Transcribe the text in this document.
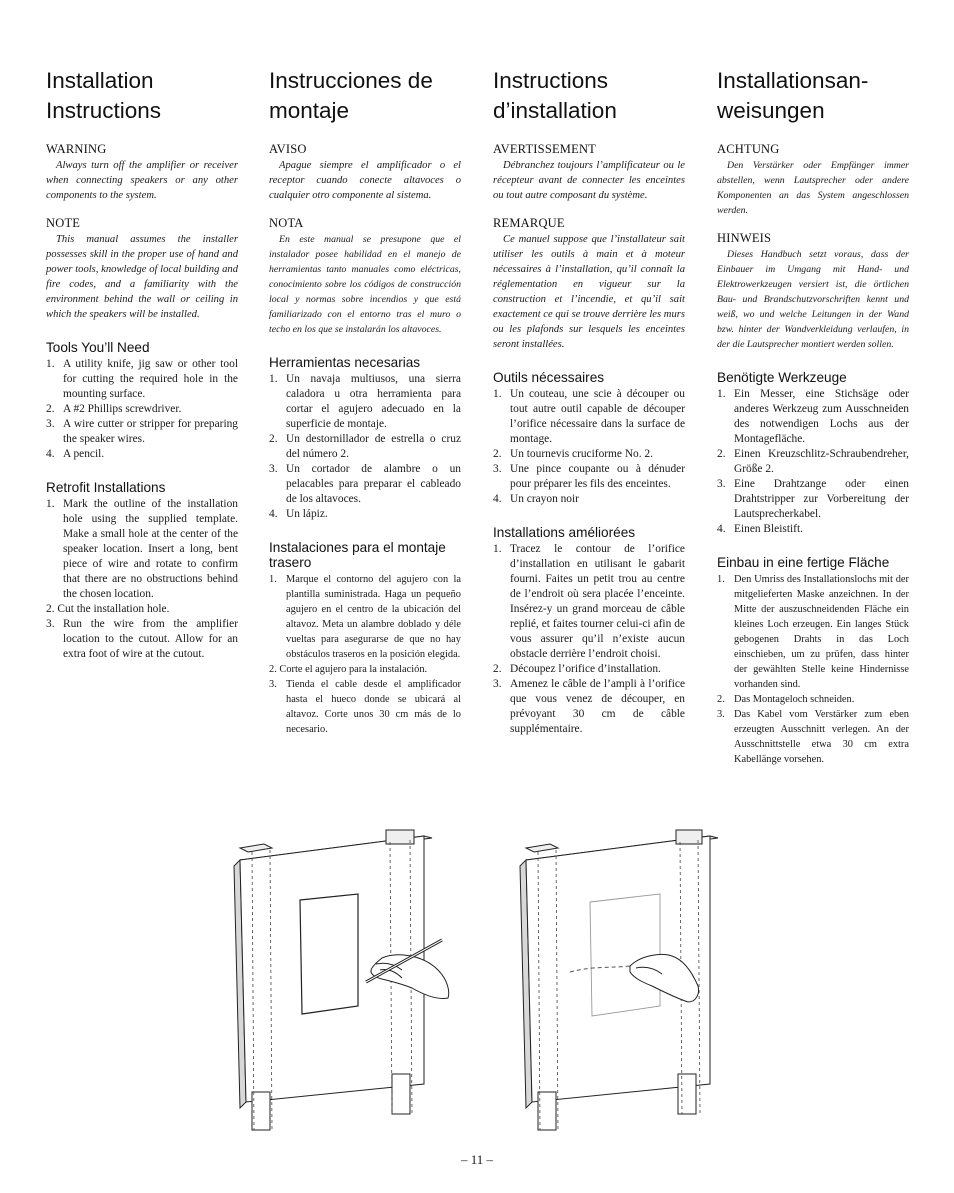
Installation Instructions
WARNING

Always turn off the amplifier or receiver when connecting speakers or any other components to the system.

NOTE

This manual assumes the installer possesses skill in the proper use of hand and power tools, knowledge of local building and fire codes, and a familiarity with the environment behind the wall or ceiling in which the speakers will be installed.

Tools You’ll Need
1. A utility knife, jig saw or other tool for cutting the required hole in the mounting surface.
2. A #2 Phillips screwdriver.
3. A wire cutter or stripper for preparing the speaker wires.
4. A pencil.
Retrofit Installations
1. Mark the outline of the installation hole using the supplied template. Make a small hole at the center of the speaker location. Insert a long, bent piece of wire and rotate to confirm that there are no obstructions behind the chosen location.
2. Cut the installation hole.
3. Run the wire from the amplifier location to the cutout. Allow for an extra foot of wire at the cutout.
Instrucciones de montaje
AVISO

Apague siempre el amplificador o el receptor cuando conecte altavoces o cualquier otro componente al sistema.

NOTA

En este manual se presupone que el instalador posee habilidad en el manejo de herramientas tanto manuales como eléctricas, conocimiento sobre los códigos de construcción local y normas sobre incendios y que está familiarizado con el entorno tras el muro o techo en los que se instalarán los altavoces.

Herramientas necesarias
1. Un navaja multiusos, una sierra caladora u otra herramienta para cortar el agujero adecuado en la superficie de montaje.
2. Un destornillador de estrella o cruz del número 2.
3. Un cortador de alambre o un pelacables para preparar el cableado de los altavoces.
4. Un lápiz.
Instalaciones para el montaje trasero
1. Marque el contorno del agujero con la plantilla suministrada. Haga un pequeño agujero en el centro de la ubicación del altavoz. Meta un alambre doblado y déle vueltas para asegurarse de que no hay obstáculos traseros en la posición elegida.
2. Corte el agujero para la instalación.
3. Tienda el cable desde el amplificador hasta el hueco donde se ubicará al altavoz. Corte unos 30 cm más de lo necesario.
Instructions d’installation
AVERTISSEMENT

Débranchez toujours l’amplificateur ou le récepteur avant de connecter les enceintes ou tout autre composant du système.

REMARQUE

Ce manuel suppose que l’installateur sait utiliser les outils à main et à moteur nécessaires à l’installation, qu’il connaît la réglementation en vigueur sur la construction et l’incendie, et qu’il sait exactement ce qui se trouve derrière les murs ou les plafonds sur lesquels les enceintes seront installées.

Outils nécessaires
1. Un couteau, une scie à découper ou tout autre outil capable de découper l’orifice nécessaire dans la surface de montage.
2. Un tournevis cruciforme No. 2.
3. Une pince coupante ou à dénuder pour préparer les fils des enceintes.
4. Un crayon noir
Installations améliorées
1. Tracez le contour de l’orifice d’installation en utilisant le gabarit fourni. Faites un petit trou au centre de l’endroit où sera placée l’enceinte. Insérez-y un grand morceau de câble replié, et faites tourner celui-ci afin de vous assurer qu’il n’existe aucun obstacle derrière l’endroit choisi.
2. Découpez l’orifice d’installation.
3. Amenez le câble de l’ampli à l’orifice que vous venez de découper, en prévoyant 30 cm de câble supplémentaire.
Installationsan-weisungen
ACHTUNG

Den Verstärker oder Empfänger immer abstellen, wenn Lautsprecher oder andere Komponenten an das System angeschlossen werden.

HINWEIS

Dieses Handbuch setzt voraus, dass der Einbauer im Umgang mit Hand- und Elektrowerkzeugen versiert ist, die örtlichen Bau- und Brandschutzvorschriften kennt und weiß, wo und welche Leitungen in der Wand bzw. hinter der Wandverkleidung verlaufen, in der die Lautsprecher montiert werden sollen.

Benötigte Werkzeuge
1. Ein Messer, eine Stichsäge oder anderes Werkzeug zum Ausschneiden des notwendigen Lochs aus der Montagefläche.
2. Einen Kreuzschlitz-Schraubendreher, Größe 2.
3. Eine Drahtzange oder einen Drahtstripper zur Vorbereitung der Lautsprecherkabel.
4. Einen Bleistift.
Einbau in eine fertige Fläche
1. Den Umriss des Installationslochs mit der mitgelieferten Maske anzeichnen. In der Mitte der auszuschneidenden Fläche ein kleines Loch erzeugen. Ein langes Stück gebogenen Drahts in das Loch einschieben, um zu prüfen, dass hinter der gewählten Stelle keine Hindernisse vorhanden sind.
2. Das Montageloch schneiden.
3. Das Kabel vom Verstärker zum eben erzeugten Ausschnitt verlegen. An der Ausschnittstelle etwa 30 cm extra Kabellänge vorsehen.
– 11 –
